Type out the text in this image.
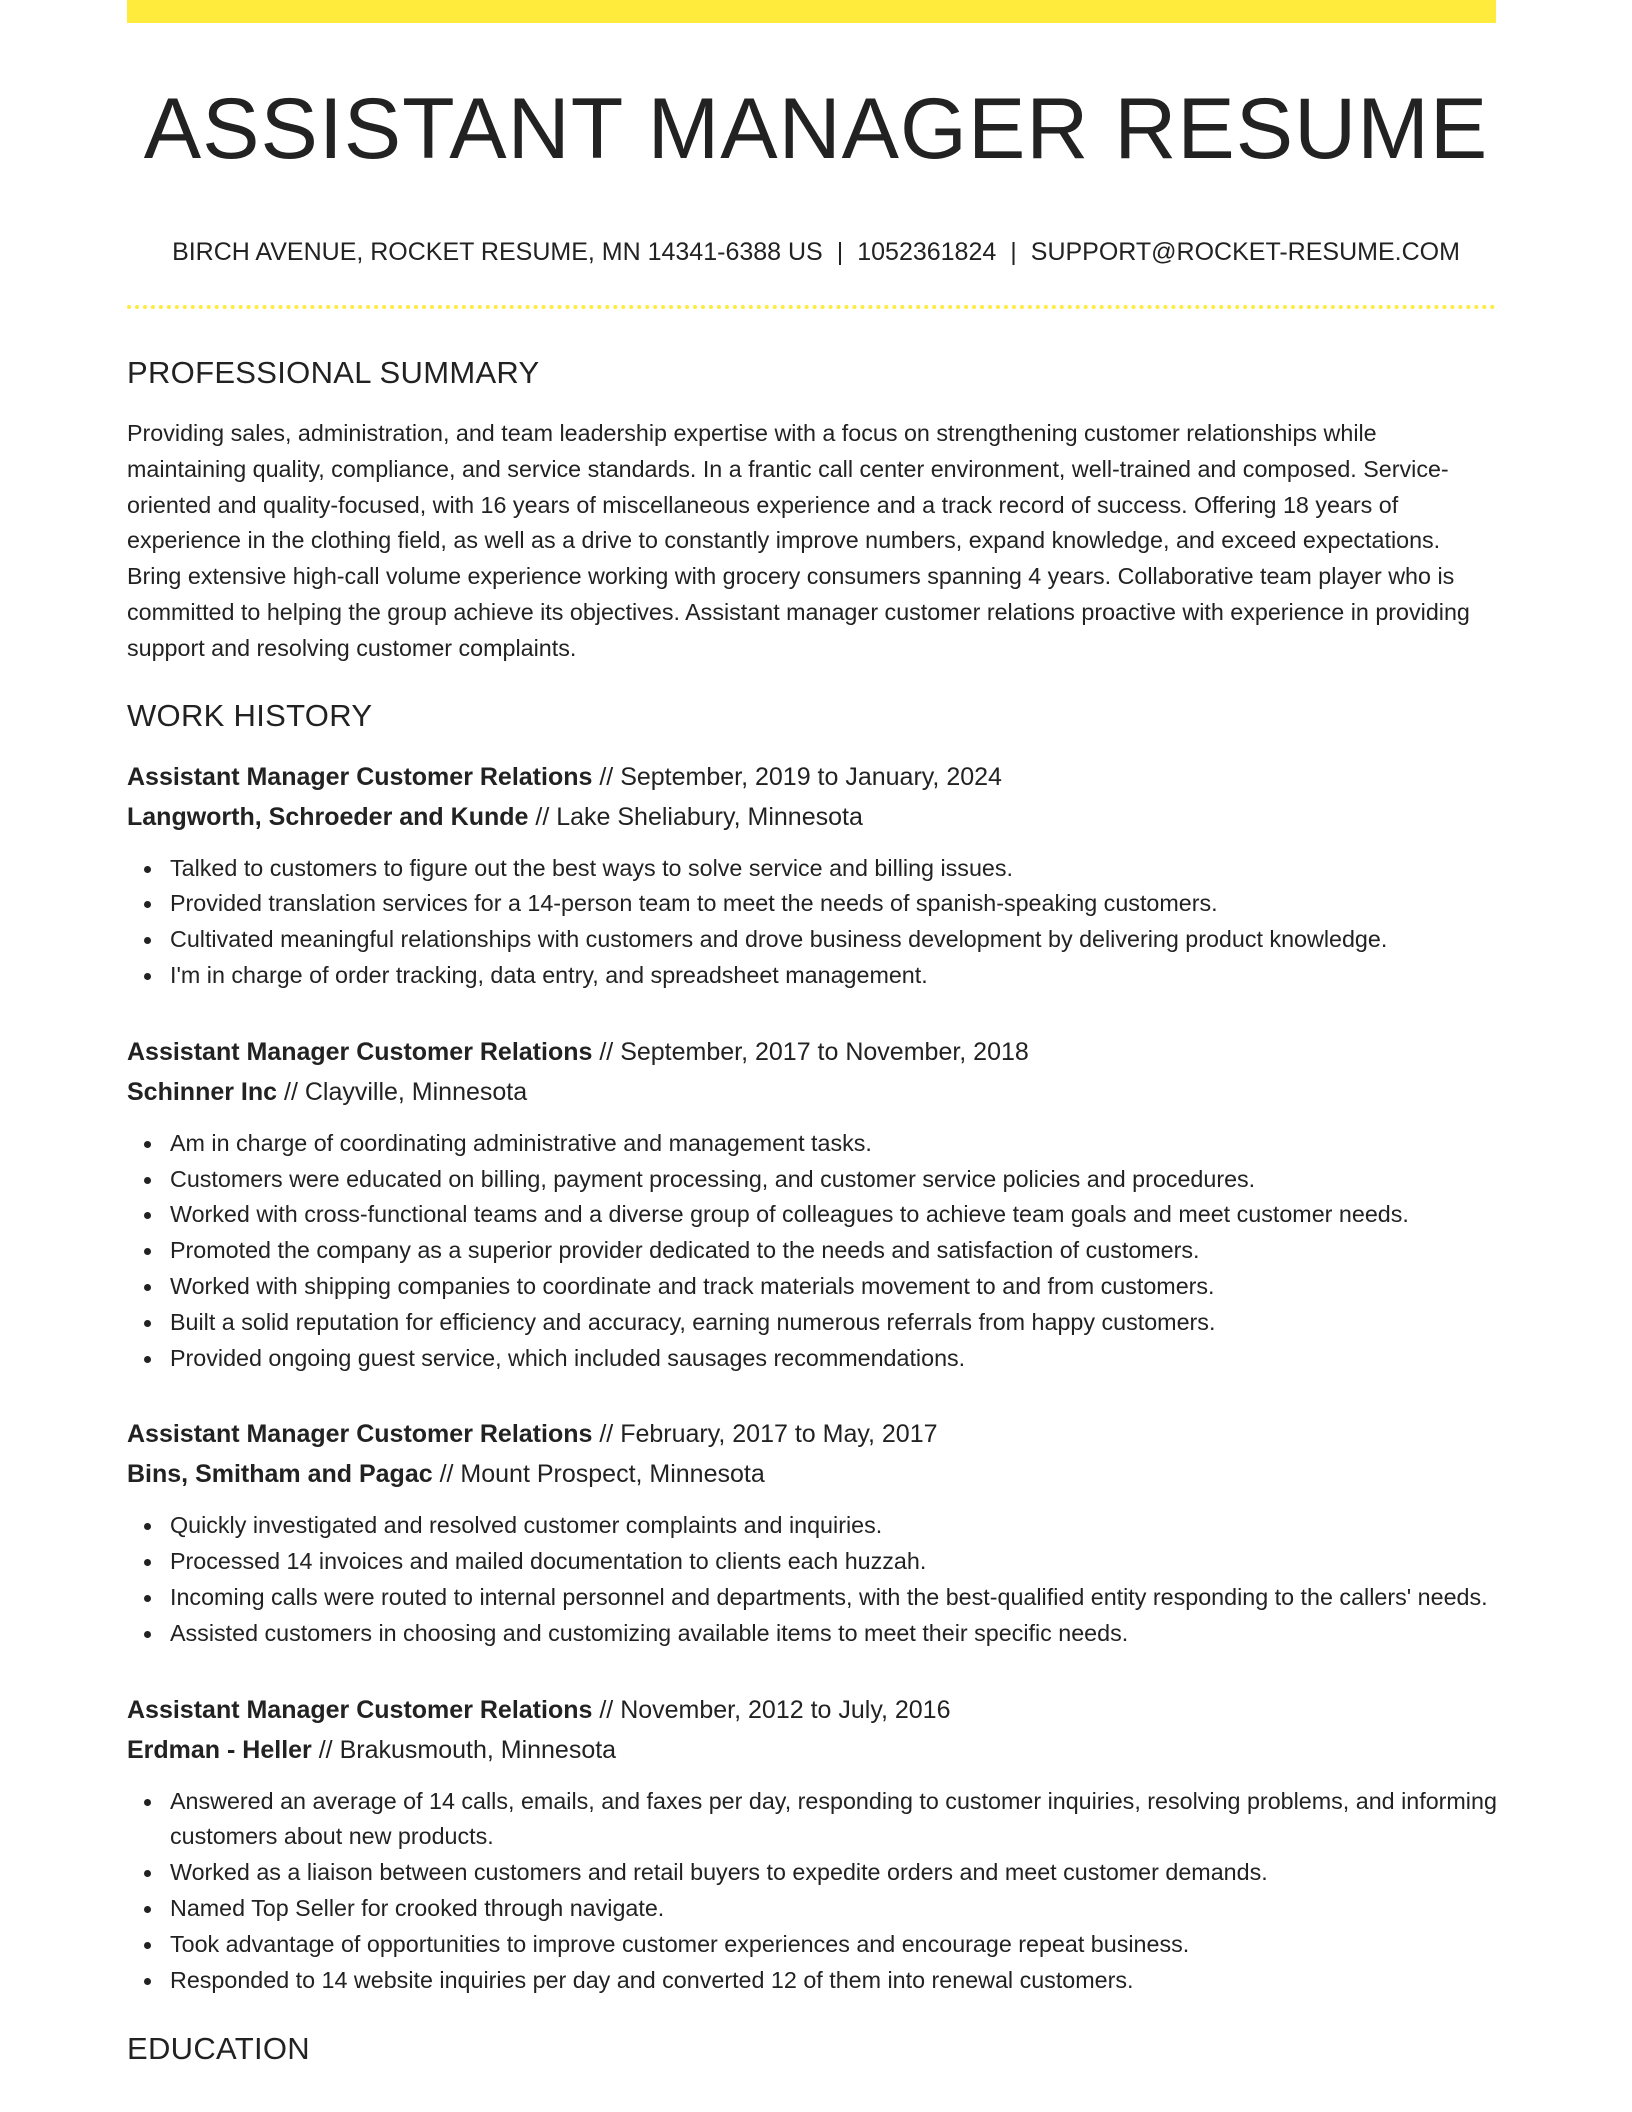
ASSISTANT MANAGER RESUME
BIRCH AVENUE, ROCKET RESUME, MN 14341-6388 US | 1052361824 | SUPPORT@ROCKET-RESUME.COM
PROFESSIONAL SUMMARY

Providing sales, administration, and team leadership expertise with a focus on strengthening customer relationships while maintaining quality, compliance, and service standards. In a frantic call center environment, well-trained and composed. Service-oriented and quality-focused, with 16 years of miscellaneous experience and a track record of success. Offering 18 years of experience in the clothing field, as well as a drive to constantly improve numbers, expand knowledge, and exceed expectations. Bring extensive high-call volume experience working with grocery consumers spanning 4 years. Collaborative team player who is committed to helping the group achieve its objectives. Assistant manager customer relations proactive with experience in providing support and resolving customer complaints.

WORK HISTORY
Assistant Manager Customer Relations // September, 2019 to January, 2024
Langworth, Schroeder and Kunde // Lake Sheliabury, Minnesota
Talked to customers to figure out the best ways to solve service and billing issues.
Provided translation services for a 14-person team to meet the needs of spanish-speaking customers.
Cultivated meaningful relationships with customers and drove business development by delivering product knowledge.
I'm in charge of order tracking, data entry, and spreadsheet management.
Assistant Manager Customer Relations // September, 2017 to November, 2018
Schinner Inc // Clayville, Minnesota
Am in charge of coordinating administrative and management tasks.
Customers were educated on billing, payment processing, and customer service policies and procedures.
Worked with cross-functional teams and a diverse group of colleagues to achieve team goals and meet customer needs.
Promoted the company as a superior provider dedicated to the needs and satisfaction of customers.
Worked with shipping companies to coordinate and track materials movement to and from customers.
Built a solid reputation for efficiency and accuracy, earning numerous referrals from happy customers.
Provided ongoing guest service, which included sausages recommendations.
Assistant Manager Customer Relations // February, 2017 to May, 2017
Bins, Smitham and Pagac // Mount Prospect, Minnesota
Quickly investigated and resolved customer complaints and inquiries.
Processed 14 invoices and mailed documentation to clients each huzzah.
Incoming calls were routed to internal personnel and departments, with the best-qualified entity responding to the callers' needs.
Assisted customers in choosing and customizing available items to meet their specific needs.
Assistant Manager Customer Relations // November, 2012 to July, 2016
Erdman - Heller // Brakusmouth, Minnesota
Answered an average of 14 calls, emails, and faxes per day, responding to customer inquiries, resolving problems, and informing customers about new products.
Worked as a liaison between customers and retail buyers to expedite orders and meet customer demands.
Named Top Seller for crooked through navigate.
Took advantage of opportunities to improve customer experiences and encourage repeat business.
Responded to 14 website inquiries per day and converted 12 of them into renewal customers.
EDUCATION
